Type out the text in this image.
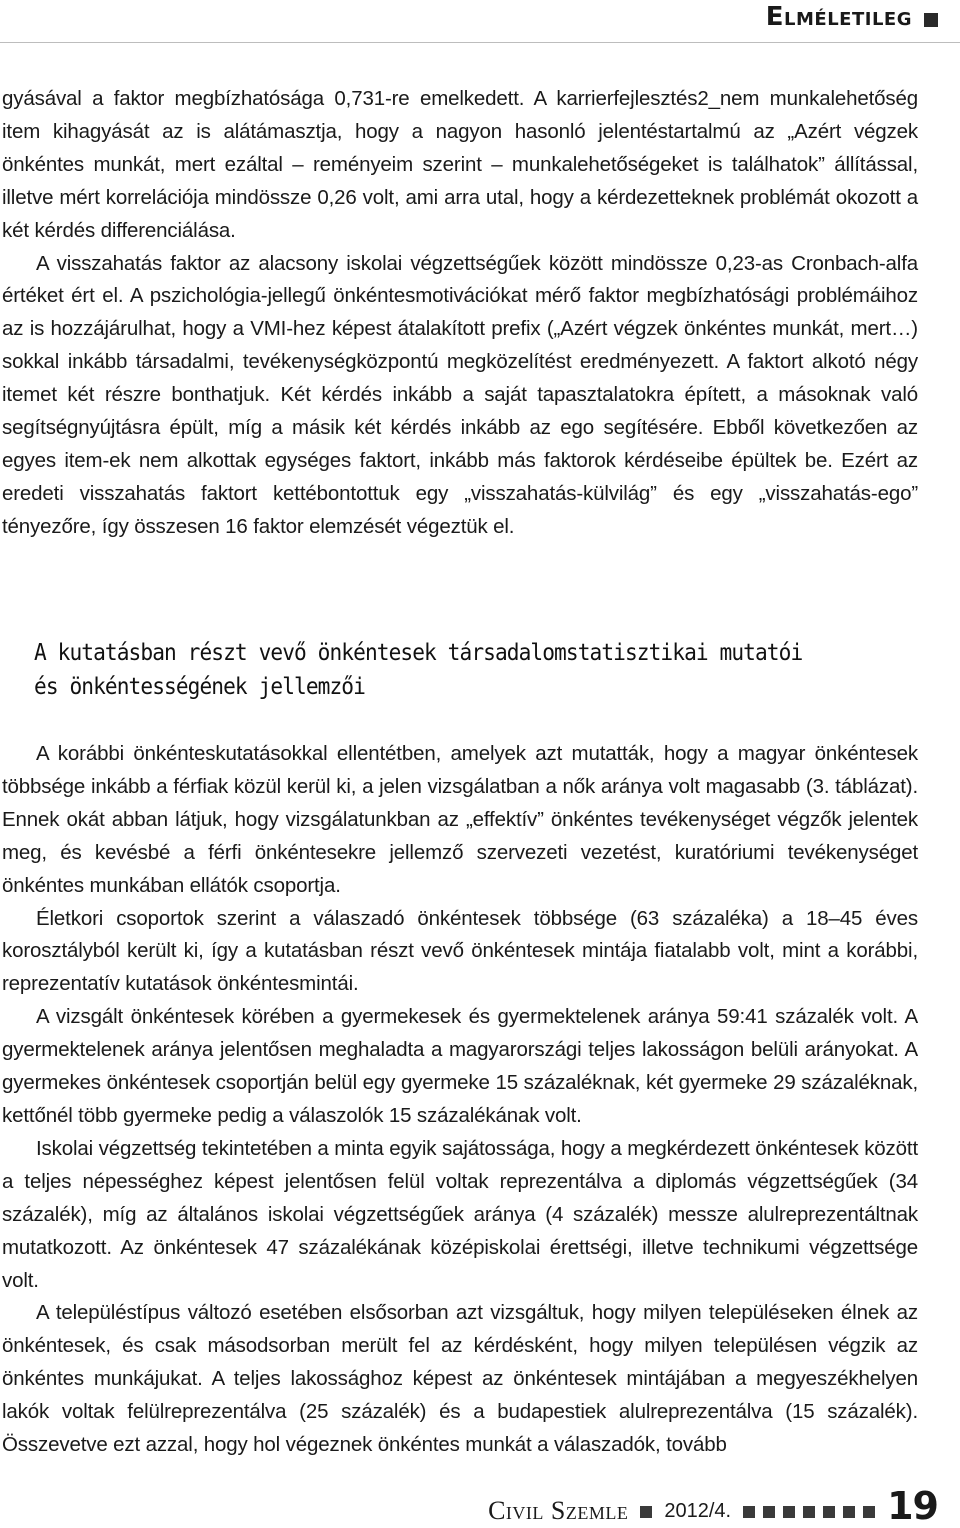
Elméletileg

gyásával a faktor megbízhatósága 0,731-re emelkedett. A karrierfejlesztés2_nem munkalehetőség item kihagyását az is alátámasztja, hogy a nagyon hasonló jelentéstartalmú az „Azért végzek önkéntes munkát, mert ezáltal – reményeim szerint – munkalehetőségeket is találhatok” állítással, illetve mért korrelációja mindössze 0,26 volt, ami arra utal, hogy a kérdezetteknek problémát okozott a két kérdés differenciálása.

A visszahatás faktor az alacsony iskolai végzettségűek között mindössze 0,23-as Cronbach-alfa értéket ért el. A pszichológia-jellegű önkéntesmotivációkat mérő faktor megbízhatósági problémáihoz az is hozzájárulhat, hogy a VMI-hez képest átalakított prefix („Azért végzek önkéntes munkát, mert…) sokkal inkább társadalmi, tevékenységközpontú megközelítést eredményezett. A faktort alkotó négy itemet két részre bonthatjuk. Két kérdés inkább a saját tapasztalatokra épített, a másoknak való segítségnyújtásra épült, míg a másik két kérdés inkább az ego segítésére. Ebből következően az egyes item-ek nem alkottak egységes faktort, inkább más faktorok kérdéseibe épültek be. Ezért az eredeti visszahatás faktort kettébontottuk egy „visszahatás-külvilág” és egy „visszahatás-ego” tényezőre, így összesen 16 faktor elemzését végeztük el.

A kutatásban részt vevő önkéntesek társadalomstatisztikai mutatói
és önkéntességének jellemzői

A korábbi önkénteskutatásokkal ellentétben, amelyek azt mutatták, hogy a magyar önkéntesek többsége inkább a férfiak közül kerül ki, a jelen vizsgálatban a nők aránya volt magasabb (3. táblázat). Ennek okát abban látjuk, hogy vizsgálatunkban az „effektív” önkéntes tevékenységet végzők jelentek meg, és kevésbé a férfi önkéntesekre jellemző szervezeti vezetést, kuratóriumi tevékenységet önkéntes munkában ellátók csoportja.

Életkori csoportok szerint a válaszadó önkéntesek többsége (63 százaléka) a 18–45 éves korosztályból került ki, így a kutatásban részt vevő önkéntesek mintája fiatalabb volt, mint a korábbi, reprezentatív kutatások önkéntesmintái.

A vizsgált önkéntesek körében a gyermekesek és gyermektelenek aránya 59:41 százalék volt. A gyermektelenek aránya jelentősen meghaladta a magyarországi teljes lakosságon belüli arányokat. A gyermekes önkéntesek csoportján belül egy gyermeke 15 százaléknak, két gyermeke 29 százaléknak, kettőnél több gyermeke pedig a válaszolók 15 százalékának volt.

Iskolai végzettség tekintetében a minta egyik sajátossága, hogy a megkérdezett önkéntesek között a teljes népességhez képest jelentősen felül voltak reprezentálva a diplomás végzettségűek (34 százalék), míg az általános iskolai végzettségűek aránya (4 százalék) messze alulreprezentáltnak mutatkozott. Az önkéntesek 47 százalékának középiskolai érettségi, illetve technikumi végzettsége volt.

A településtípus változó esetében elsősorban azt vizsgáltuk, hogy milyen településeken élnek az önkéntesek, és csak másodsorban merült fel az kérdésként, hogy milyen településen végzik az önkéntes munkájukat. A teljes lakossághoz képest az önkéntesek mintájában a megyeszékhelyen lakók voltak felülreprezentálva (25 százalék) és a budapestiek alulreprezentálva (15 százalék). Összevetve ezt azzal, hogy hol végeznek önkéntes munkát a válaszadók, tovább

Civil Szemle 2012/4.	19
